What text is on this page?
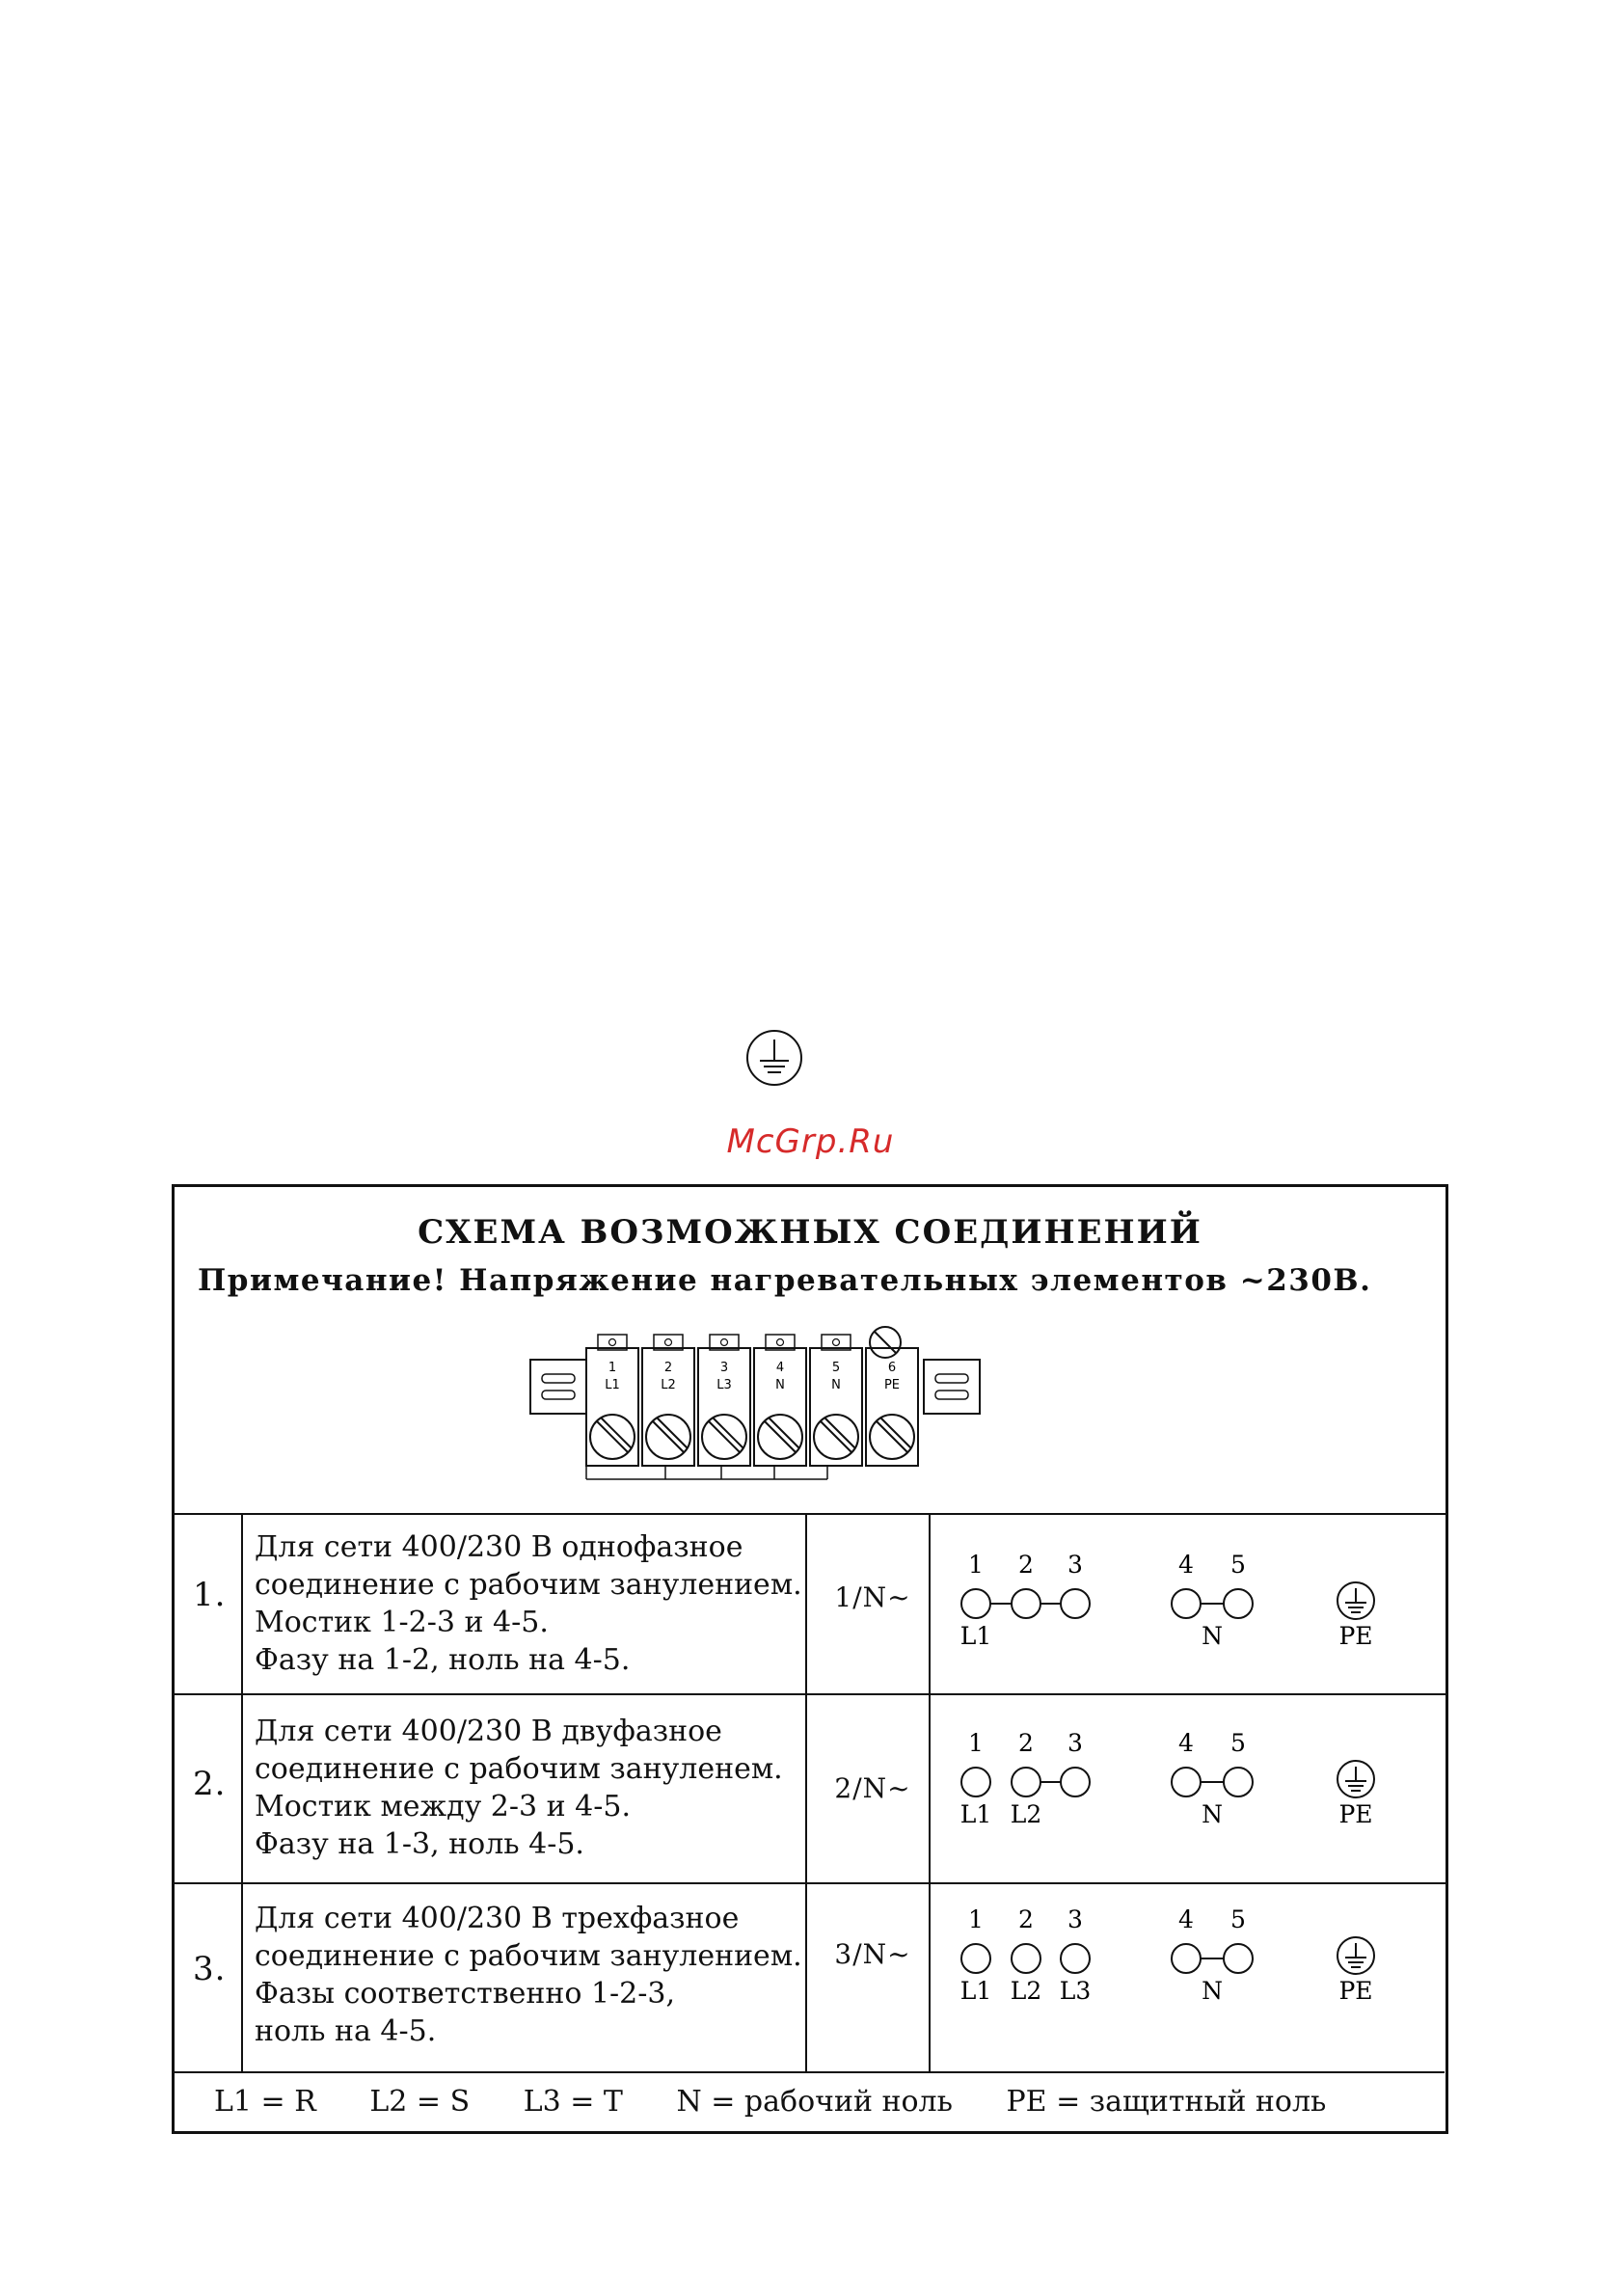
McGrp.Ru
СХЕМА ВОЗМОЖНЫХ СОЕДИНЕНИЙ
Примечание! Напряжение нагревательных элементов ~230В.
1
L1
2
L2
3
L3
4
N
5
N
6
PE
1.
Для сети 400/230 В однофазное
соединение с рабочим занулением.
Мостик 1-2-3 и 4-5.
Фазу на 1-2, ноль на 4-5.
1/N~
1 2 3	4 5
L1	N	PE
2.
Для сети 400/230 В двуфазное
соединение с рабочим зануленем.
Мостик между 2-3 и 4-5.
Фазу на 1-3, ноль 4-5.
2/N~
1 2 3	4 5
L1 L2	N	PE
3.
Для сети 400/230 В трехфазное
соединение с рабочим занулением.
Фазы соответственно 1-2-3,
ноль на 4-5.
3/N~
1 2 3	4 5
L1 L2 L3	N	PE
L1 = R L2 = S L3 = T N = рабочий ноль PE = защитный ноль
